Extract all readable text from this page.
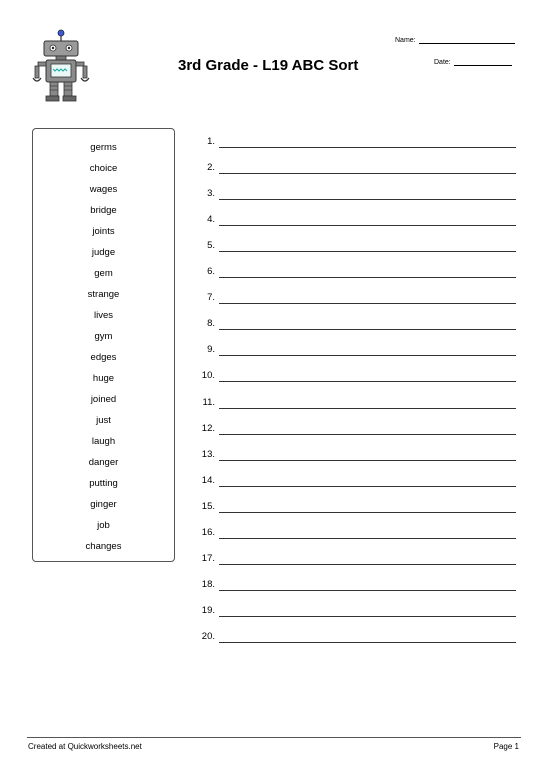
3rd Grade - L19 ABC Sort
Name:
Date:
germs
choice
wages
bridge
joints
judge
gem
strange
lives
gym
edges
huge
joined
just
laugh
danger
putting
ginger
job
changes
1.
2.
3.
4.
5.
6.
7.
8.
9.
10.
11.
12.
13.
14.
15.
16.
17.
18.
19.
20.
Created at Quickworksheets.net	Page 1
